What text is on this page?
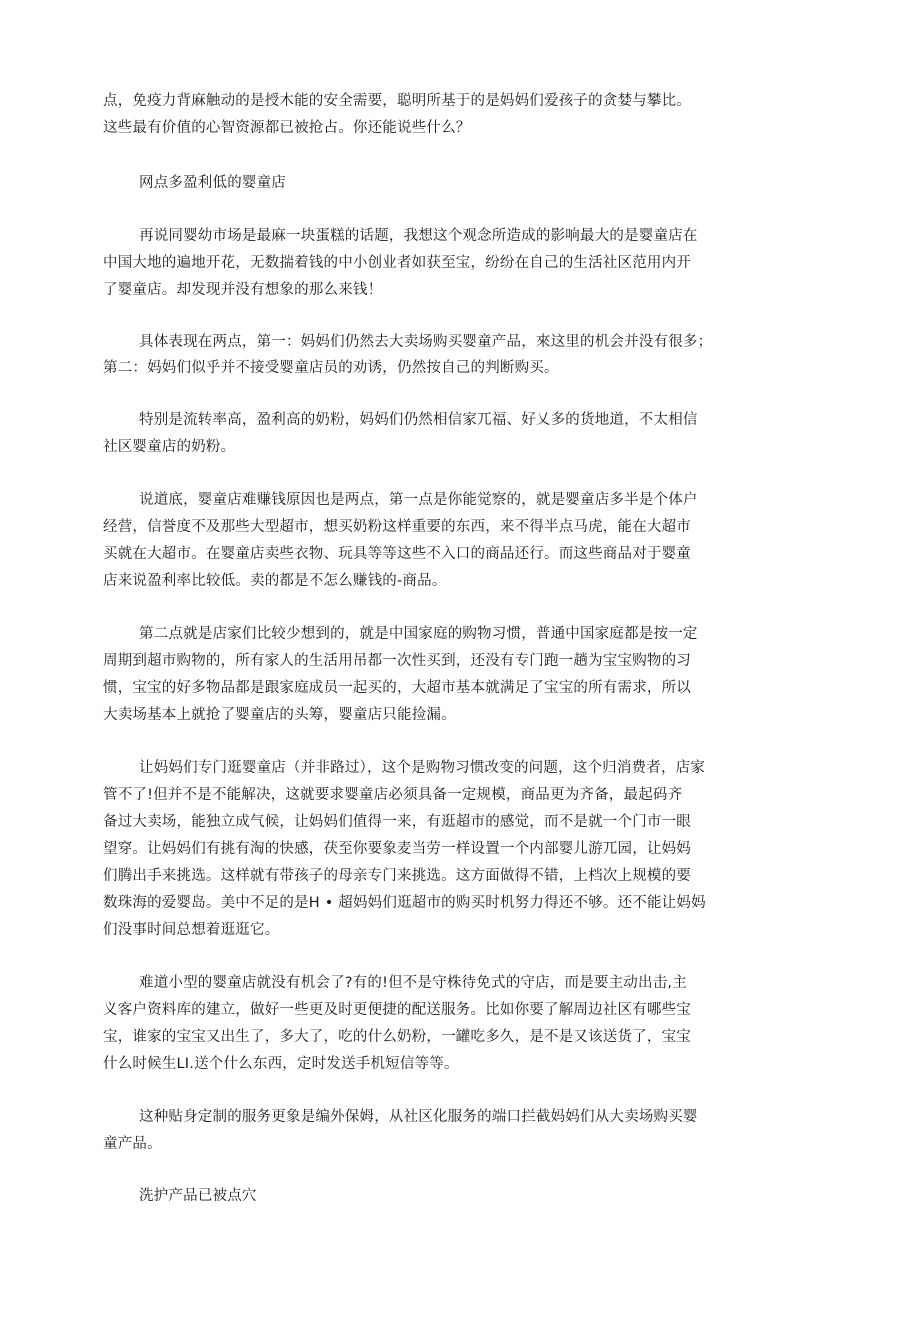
点，免疫力背麻触动的是授木能的安全需要，聪明所基于的是妈妈们爱孩子的贪婪与攀比。
这些最有价值的心智资源都已被抢占。你还能说些什么？
网点多盈利低的婴童店
再说同婴幼市场是最麻一块蛋糕的话题，我想这个观念所造成的影响最大的是婴童店在
中国大地的遍地开花，无数揣着钱的中小创业者如获至宝，纷纷在自己的生活社区范用内开
了婴童店。却发现并没有想象的那么来钱！
具体表现在两点，第一：妈妈们仍然去大卖场购买婴童产品，來这里的机会并没有很多；
第二：妈妈们似乎并不接受婴童店员的劝诱，仍然按自己的判断购买。
特别是流转率高，盈利高的奶粉，妈妈们仍然相信家兀福、好乂多的货地道，不太相信
社区婴童店的奶粉。
说道底，婴童店难赚钱原因也是两点，第一点是你能觉察的，就是婴童店多半是个体户
经营，信誉度不及那些大型超市，想买奶粉这样重要的东西，来不得半点马虎，能在大超市
买就在大超市。在婴童店卖些衣物、玩具等等这些不入口的商品还行。而这些商品对于婴童
店来说盈利率比较低。卖的都是不怎么赚钱的-商品。
第二点就是店家们比较少想到的，就是中国家庭的购物习惯，普通中国家庭都是按一定
周期到超市购物的，所有家人的生活用吊都一次性买到，还没有专门跑一趟为宝宝购物的习
惯，宝宝的好多物品都是跟家庭成员一起买的，大超市基本就满足了宝宝的所有需求，所以
大卖场基本上就抢了婴童店的头筹，婴童店只能捡漏。
让妈妈们专门逛婴童店（并非路过），这个是购物习惯改变的问题，这个归消费者，店家
管不了!但并不是不能解决，这就要求婴童店必须具备一定规模，商品更为齐备，最起码齐
备过大卖场，能独立成气候，让妈妈们值得一来，有逛超市的感觉，而不是就一个门市一眼
望穿。让妈妈们有挑有淘的快感，茯至你要象麦当劳一样设置一个内部婴儿游兀园，让妈妈
们腾出手来挑选。这样就有带孩子的母亲专门来挑选。这方面做得不错，上档次上规模的要
数珠海的爱婴岛。美中不足的是H • 超妈妈们逛超市的购买时机努力得还不够。还不能让妈妈
们没事时间总想着逛逛它。
难道小型的婴童店就没有机会了?有的!但不是守株待免式的守店，而是要主动出击,主
义客户资料库的建立，做好一些更及时更便捷的配送服务。比如你要了解周边社区有哪些宝
宝，谁家的宝宝又出生了，多大了，吃的什么奶粉，一罐吃多久，是不是又该送货了，宝宝
什么时候生LI.送个什么东西，定时发送手机短信等等。
这种贴身定制的服务更象是编外保姆，从社区化服务的端口拦截妈妈们从大卖场购买婴
童产品。
洗护产品已被点穴
